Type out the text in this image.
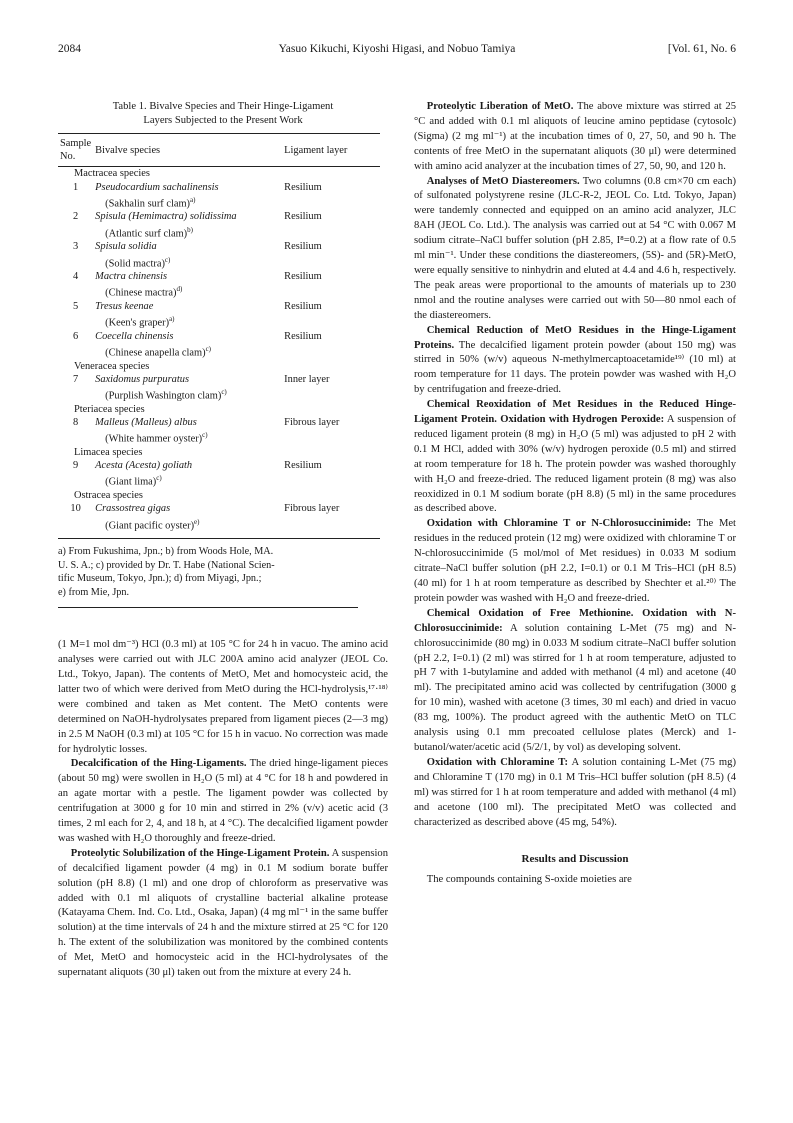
2084	Yasuo Kikuchi, Kiyoshi Higasi, and Nobuo Tamiya	[Vol. 61, No. 6
Table 1. Bivalve Species and Their Hinge-Ligament
Layers Subjected to the Present Work
Sample
No.	Bivalve species	Ligament layer
Mactracea species		
1	Pseudocardium sachalinensis	Resilium
	(Sakhalin surf clam)$^{a)}$
2	Spisula (Hemimactra) solidissima	Resilium
	(Atlantic surf clam)$^{b)}$
3	Spisula solidia	Resilium
	(Solid mactra)$^{c)}$
4	Mactra chinensis	Resilium
	(Chinese mactra)$^{d)}$
5	Tresus keenae	Resilium
	(Keen's graper)$^{a)}$
6	Coecella chinensis	Resilium
	(Chinese anapella clam)$^{c)}$
Veneracea species		
7	Saxidomus purpuratus	Inner layer
	(Purplish Washington clam)$^{c)}$
Pteriacea species		
8	Malleus (Malleus) albus	Fibrous layer
	(White hammer oyster)$^{c)}$
Limacea species		
9	Acesta (Acesta) goliath	Resilium
	(Giant lima)$^{c)}$
Ostracea species		
10	Crassostrea gigas	Fibrous layer
	(Giant pacific oyster)$^{e)}$
a) From Fukushima, Jpn.; b) from Woods Hole, MA.
U. S. A.; c) provided by Dr. T. Habe (National Scien-
tific Museum, Tokyo, Jpn.); d) from Miyagi, Jpn.;
e) from Mie, Jpn.

(1 M=1 mol dm⁻³) HCl (0.3 ml) at 105 °C for 24 h in vacuo. The amino acid analyses were carried out with JLC 200A amino acid analyzer (JEOL Co. Ltd., Tokyo, Japan). The contents of MetO, Met and homocysteic acid, the latter two of which were derived from MetO during the HCl-hydrolysis,¹⁷·¹⁸⁾ were combined and taken as Met content. The MetO contents were determined on NaOH-hydrolysates prepared from ligament pieces (2—3 mg) in 2.5 M NaOH (0.3 ml) at 105 °C for 15 h in vacuo. No correction was made for hydrolytic losses.

Decalcification of the Hing-Ligaments. The dried hinge-ligament pieces (about 50 mg) were swollen in H₂O (5 ml) at 4 °C for 18 h and powdered in an agate mortar with a pestle. The ligament powder was collected by centrifugation at 3000 g for 10 min and stirred in 2% (v/v) acetic acid (3 times, 2 ml each for 2, 4, and 18 h, at 4 °C). The decalcified ligament powder was washed with H₂O thoroughly and freeze-dried.

Proteolytic Solubilization of the Hinge-Ligament Protein. A suspension of decalcified ligament powder (4 mg) in 0.1 M sodium borate buffer solution (pH 8.8) (1 ml) and one drop of chloroform as preservative was added with 0.1 ml aliquots of crystalline bacterial alkaline protease (Katayama Chem. Ind. Co. Ltd., Osaka, Japan) (4 mg ml⁻¹ in the same buffer solution) at the time intervals of 24 h and the mixture stirred at 25 °C for 120 h. The extent of the solubilization was monitored by the combined contents of Met, MetO and homocysteic acid in the HCl-hydrolysates of the supernatant aliquots (30 μl) taken out from the mixture at every 24 h.

Proteolytic Liberation of MetO. The above mixture was stirred at 25 °C and added with 0.1 ml aliquots of leucine amino peptidase (cytosolc) (Sigma) (2 mg ml⁻¹) at the incubation times of 0, 27, 50, and 90 h. The contents of free MetO in the supernatant aliquots (30 μl) were determined with amino acid analyzer at the incubation times of 27, 50, 90, and 120 h.

Analyses of MetO Diastereomers. Two columns (0.8 cm×70 cm each) of sulfonated polystyrene resine (JLC-R-2, JEOL Co. Ltd. Tokyo, Japan) were tandemly connected and equipped on an amino acid analyzer, JLC 8AH (JEOL Co. Ltd.). The analysis was carried out at 54 °C with 0.067 M sodium citrate–NaCl buffer solution (pH 2.85, I⁸=0.2) at a flow rate of 0.5 ml min⁻¹. Under these conditions the diastereomers, (5S)- and (5R)-MetO, were equally sensitive to ninhydrin and eluted at 4.4 and 4.6 h, respectively. The peak areas were proportional to the amounts of materials up to 230 nmol and the routine analyses were carried out with 50—80 nmol each of the diastereomers.

Chemical Reduction of MetO Residues in the Hinge-Ligament Proteins. The decalcified ligament protein powder (about 150 mg) was stirred in 50% (w/v) aqueous N-methylmercaptoacetamide¹⁹⁾ (10 ml) at room temperature for 11 days. The protein powder was washed with H₂O by centrifugation and freeze-dried.

Chemical Reoxidation of Met Residues in the Reduced Hinge-Ligament Protein. Oxidation with Hydrogen Peroxide: A suspension of reduced ligament protein (8 mg) in H₂O (5 ml) was adjusted to pH 2 with 0.1 M HCl, added with 30% (w/v) hydrogen peroxide (0.5 ml) and stirred at room temperature for 18 h. The protein powder was washed thoroughly with H₂O and freeze-dried. The reduced ligament protein (8 mg) was also reoxidized in 0.1 M sodium borate (pH 8.8) (5 ml) in the same procedures as described above.

Oxidation with Chloramine T or N-Chlorosuccinimide: The Met residues in the reduced protein (12 mg) were oxidized with chloramine T or N-chlorosuccinimide (5 mol/mol of Met residues) in 0.033 M sodium citrate–NaCl buffer solution (pH 2.2, I=0.1) or 0.1 M Tris–HCl (pH 8.5) (40 ml) for 1 h at room temperature as described by Shechter et al.²⁰⁾ The protein powder was washed with H₂O and freeze-dried.

Chemical Oxidation of Free Methionine. Oxidation with N-Chlorosuccinimide: A solution containing L-Met (75 mg) and N-chlorosuccinimide (80 mg) in 0.033 M sodium citrate–NaCl buffer solution (pH 2.2, I=0.1) (2 ml) was stirred for 1 h at room temperature, adjusted to pH 7 with 1-butylamine and added with methanol (4 ml) and acetone (40 ml). The precipitated amino acid was collected by centrifugation (3000 g for 10 min), washed with acetone (3 times, 30 ml each) and dried in vacuo (83 mg, 100%). The product agreed with the authentic MetO on TLC analysis using 0.1 mm precoated cellulose plates (Merck) and 1-butanol/water/acetic acid (5/2/1, by vol) as developing solvent.

Oxidation with Chloramine T: A solution containing L-Met (75 mg) and Chloramine T (170 mg) in 0.1 M Tris–HCl buffer solution (pH 8.5) (4 ml) was stirred for 1 h at room temperature and added with methanol (4 ml) and acetone (100 ml). The precipitated MetO was collected and characterized as described above (45 mg, 54%).

Results and Discussion

The compounds containing S-oxide moieties are
